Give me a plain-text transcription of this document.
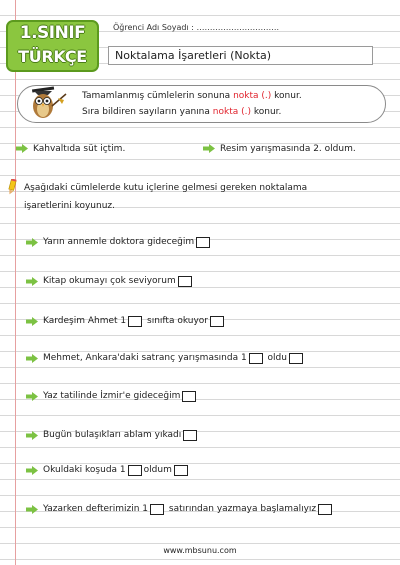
1.SINIF
TÜRKÇE
Öğrenci Adı Soyadı : ………………………….
Noktalama İşaretleri (Nokta)
Tamamlanmış cümlelerin sonuna nokta (.) konur.
Sıra bildiren sayıların yanına nokta (.) konur.
Kahvaltıda süt içtim.	Resim yarışmasında 2. oldum.
Aşağıdaki cümlelerde kutu içlerine gelmesi gereken noktalama
işaretlerini koyunuz.
Yarın annemle doktora gideceğim
Kitap okumayı çok seviyorum
Kardeşim Ahmet 1 sınıfta okuyor
Mehmet, Ankara'daki satranç yarışmasında 1 oldu
Yaz tatilinde İzmir'e gideceğim
Bugün bulaşıkları ablam yıkadı
Okuldaki koşuda 1 oldum
Yazarken defterimizin 1 satırından yazmaya başlamalıyız
www.mbsunu.com
